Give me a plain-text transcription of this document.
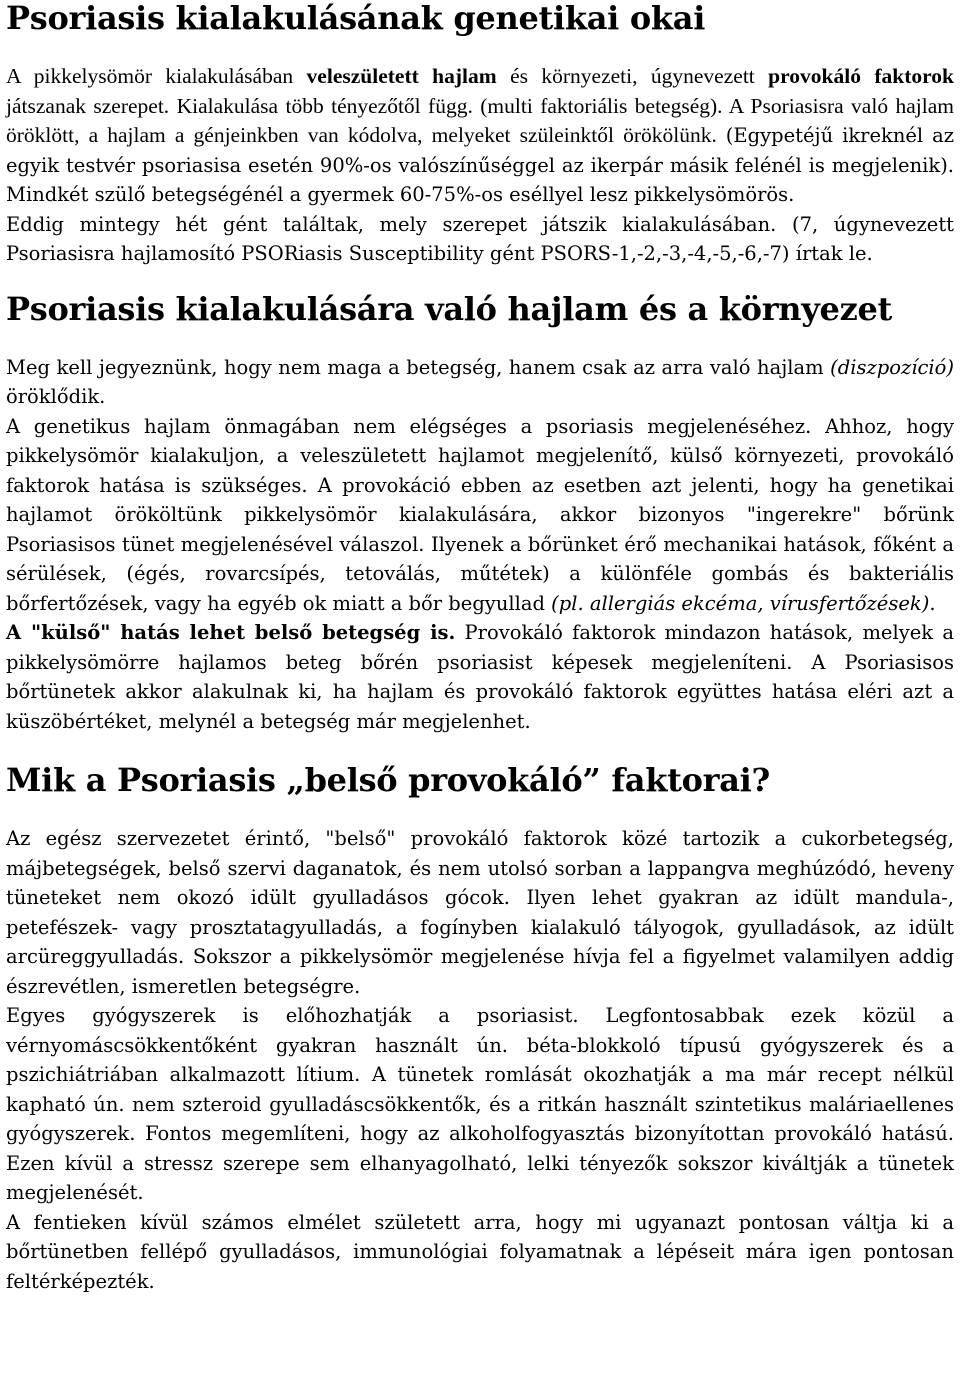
Psoriasis kialakulásának genetikai okai

A pikkelysömör kialakulásában veleszületett hajlam és környezeti, úgynevezett provokáló faktorok játszanak szerepet. Kialakulása több tényezőtől függ. (multi faktoriális betegség). A Psoriasisra való hajlam öröklött, a hajlam a génjeinkben van kódolva, melyeket szüleinktől örökölünk. (Egypetéjű ikreknél az egyik testvér psoriasisa esetén 90%-os valószínűséggel az ikerpár másik felénél is megjelenik). Mindkét szülő betegségénél a gyermek 60-75%-os eséllyel lesz pikkelysömörös.

Eddig mintegy hét gént találtak, mely szerepet játszik kialakulásában. (7, úgynevezett Psoriasisra hajlamosító PSORiasis Susceptibility gént PSORS-1,-2,-3,-4,-5,-6,-7) írtak le.

Psoriasis kialakulására való hajlam és a környezet

Meg kell jegyeznünk, hogy nem maga a betegség, hanem csak az arra való hajlam (diszpozíció) öröklődik.

A genetikus hajlam önmagában nem elégséges a psoriasis megjelenéséhez. Ahhoz, hogy pikkelysömör kialakuljon, a veleszületett hajlamot megjelenítő, külső környezeti, provokáló faktorok hatása is szükséges. A provokáció ebben az esetben azt jelenti, hogy ha genetikai hajlamot örököltünk pikkelysömör kialakulására, akkor bizonyos "ingerekre" bőrünk Psoriasisos tünet megjelenésével válaszol. Ilyenek a bőrünket érő mechanikai hatások, főként a sérülések, (égés, rovarcsípés, tetoválás, műtétek) a különféle gombás és bakteriális bőrfertőzések, vagy ha egyéb ok miatt a bőr begyullad (pl. allergiás ekcéma, vírusfertőzések).

A "külső" hatás lehet belső betegség is. Provokáló faktorok mindazon hatások, melyek a pikkelysömörre hajlamos beteg bőrén psoriasist képesek megjeleníteni. A Psoriasisos bőrtünetek akkor alakulnak ki, ha hajlam és provokáló faktorok együttes hatása eléri azt a küszöbértéket, melynél a betegség már megjelenhet.

Mik a Psoriasis „belső provokáló” faktorai?

Az egész szervezetet érintő, "belső" provokáló faktorok közé tartozik a cukorbetegség, májbetegségek, belső szervi daganatok, és nem utolsó sorban a lappangva meghúzódó, heveny tüneteket nem okozó idült gyulladásos gócok. Ilyen lehet gyakran az idült mandula-, petefészek- vagy prosztatagyulladás, a fogínyben kialakuló tályogok, gyulladások, az idült arcüreggyulladás. Sokszor a pikkelysömör megjelenése hívja fel a figyelmet valamilyen addig észrevétlen, ismeretlen betegségre.

Egyes gyógyszerek is előhozhatják a psoriasist. Legfontosabbak ezek közül a vérnyomáscsökkentőként gyakran használt ún. béta-blokkoló típusú gyógyszerek és a pszichiátriában alkalmazott lítium. A tünetek romlását okozhatják a ma már recept nélkül kapható ún. nem szteroid gyulladáscsökkentők, és a ritkán használt szintetikus maláriaellenes gyógyszerek. Fontos megemlíteni, hogy az alkoholfogyasztás bizonyítottan provokáló hatású. Ezen kívül a stressz szerepe sem elhanyagolható, lelki tényezők sokszor kiváltják a tünetek megjelenését.

A fentieken kívül számos elmélet született arra, hogy mi ugyanazt pontosan váltja ki a bőrtünetben fellépő gyulladásos, immunológiai folyamatnak a lépéseit mára igen pontosan feltérképezték.
